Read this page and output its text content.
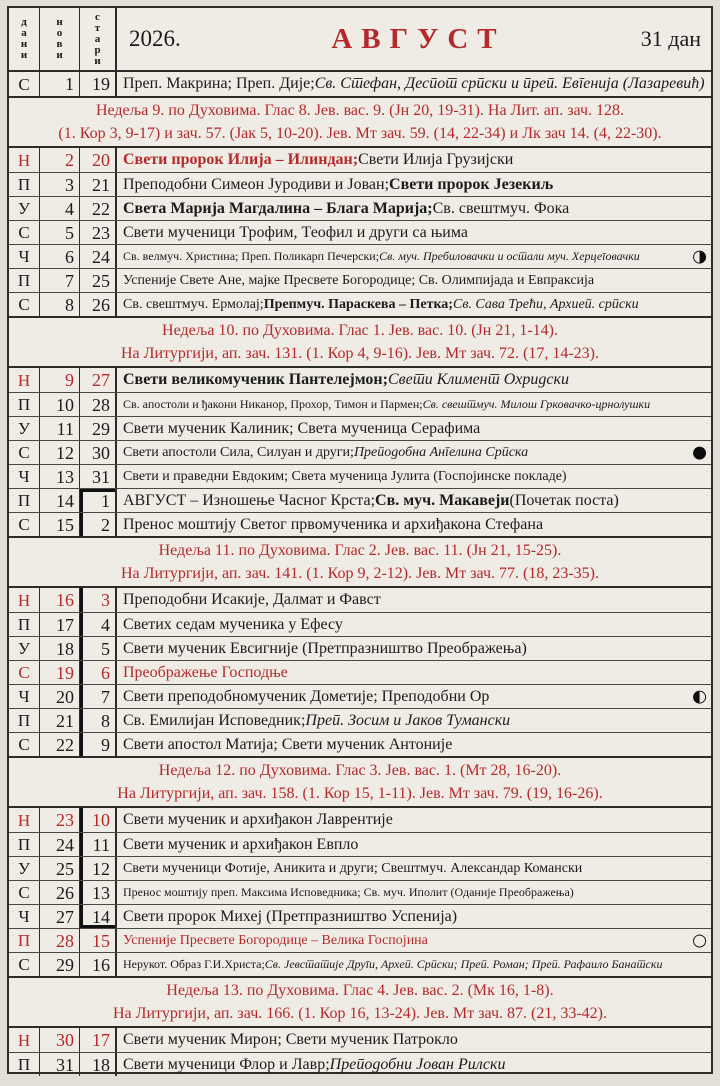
д
а
н
и
н
о
в
и
с
т
а
р
и
АВГУСТ
2026.	31 дан
С	1	19 Преп. Макрина; Преп. Дије; Св. Стефан, Деспот српски и преп. Евгенија (Лазаревић)
Недеља 9. по Духовима. Глас 8. Јев. вас. 9. (Јн 20, 19-31). На Лит. ап. зач. 128.
(1. Кор 3, 9-17) и зач. 57. (Јак 5, 10-20). Јев. Мт зач. 59. (14, 22-34) и Лк зач 14. (4, 22-30).
Н	2	20 Свети пророк Илија – Илиндан; Свети Илија Грузијски
П	3	21 Преподобни Симеон Јуродиви и Јован; Свети пророк Језекиљ
У	4	22 Света Марија Магдалина – Блага Марија; Св. свештмуч. Фока
С	5	23 Свети мученици Трофим, Теофил и други са њима
Ч	6	24	Св. велмуч. Христина; Преп. Поликарп Печерски; Св. муч. Пребиловачки и остали муч. Херцеговачки	◑
П	7	25 Успеније Свете Ане, мајке Пресвете Богородице; Св. Олимпијада и Евпраксија
С	8	26 Св. свештмуч. Ермолај; Препмуч. Параскева – Петка; Св. Сава Трећи, Архиеп. српски
Недеља 10. по Духовима. Глас 1. Јев. вас. 10. (Јн 21, 1-14).
На Литургији, ап. зач. 131. (1. Кор 4, 9-16). Јев. Мт зач. 72. (17, 14-23).
Н	9	27 Свети великомученик Пантелејмон; Свети Климент Охридски
П	10	28	Св. апостоли и ђакони Никанор, Прохор, Тимон и Пармен; Св. свештмуч. Милош Грковачко-црнолушки
У	11	29 Свети мученик Калиник; Света мученица Серафима
С	12	30 Свети апостоли Сила, Силуан и други; Преподобна Ангелина Српска	●
Ч	13	31 Свети и праведни Евдоким; Света мученица Јулита (Госпојинске покладе)
П	14	1 АВГУСТ – Изношење Часног Крста; Св. муч. Макавеји (Почетак поста)
С	15	2 Пренос моштију Светог првомученика и архиђакона Стефана
Недеља 11. по Духовима. Глас 2. Јев. вас. 11. (Јн 21, 15-25).
На Литургији, ап. зач. 141. (1. Кор 9, 2-12). Јев. Мт зач. 77. (18, 23-35).
Н	16	3 Преподобни Исакије, Далмат и Фавст
П	17	4 Светих седам мученика у Ефесу
У	18	5 Свети мученик Евсигније (Претпразништво Преображења)
С	19	6 Преображење Господње
Ч	20	7 Свети преподобномученик Дометије; Преподобни Ор	◐
П	21	8 Св. Емилијан Исповедник; Преп. Зосим и Јаков Тумански
С	22	9 Свети апостол Матија; Свети мученик Антоније
Недеља 12. по Духовима. Глас 3. Јев. вас. 1. (Мт 28, 16-20).
На Литургији, ап. зач. 158. (1. Кор 15, 1-11). Јев. Мт зач. 79. (19, 16-26).
Н	23	10 Свети мученик и архиђакон Лаврентије
П	24	11 Свети мученик и архиђакон Евпло
У	25	12 Свети мученици Фотије, Аникита и други; Свештмуч. Александар Комански
С	26	13	Пренос моштију преп. Максима Исповедника; Св. муч. Иполит (Оданије Преображења)
Ч	27	14 Свети пророк Михеј (Претпразништво Успенија)
П	28	15 Успеније Пресвете Богородице – Велика Госпојина	○
С	29	16	Нерукот. Образ Г.И.Христа; Св. Јевстатије Други, Археп. Српски; Преп. Роман; Преп. Рафаило Банатски
Недеља 13. по Духовима. Глас 4. Јев. вас. 2. (Мк 16, 1-8).
На Литургији, ап. зач. 166. (1. Кор 16, 13-24). Јев. Мт зач. 87. (21, 33-42).
Н	30	17 Свети мученик Мирон; Свети мученик Патрокло
П	31	18 Свети мученици Флор и Лавр; Преподобни Јован Рилски
